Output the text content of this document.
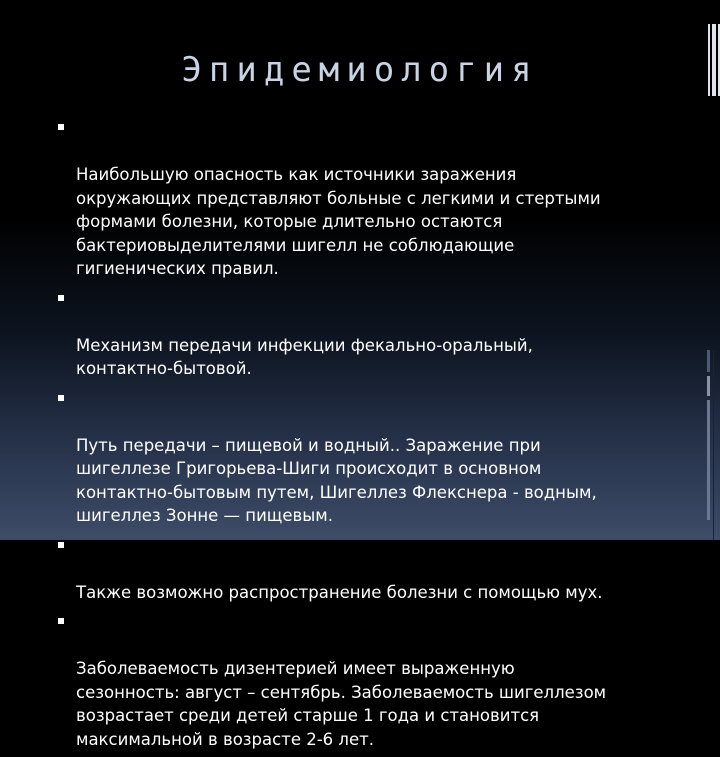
Эпидемиология

Наибольшую опасность как источники заражения
окружающих представляют больные с легкими и стертыми
формами болезни, которые длительно остаются
бактериовыделителями шигелл не соблюдающие
гигиенических правил.

Механизм передачи инфекции фекально-оральный,
контактно-бытовой.

Путь передачи – пищевой и водный.. Заражение при
шигеллезе Григорьева-Шиги происходит в основном
контактно-бытовым путем, Шигеллез Флекснера - водным,
шигеллез Зонне — пищевым.

Также возможно распространение болезни с помощью мух.

Заболеваемость дизентерией имеет выраженную
сезонность: август – сентябрь. Заболеваемость шигеллезом
возрастает среди детей старше 1 года и становится
максимальной в возрасте 2-6 лет.
